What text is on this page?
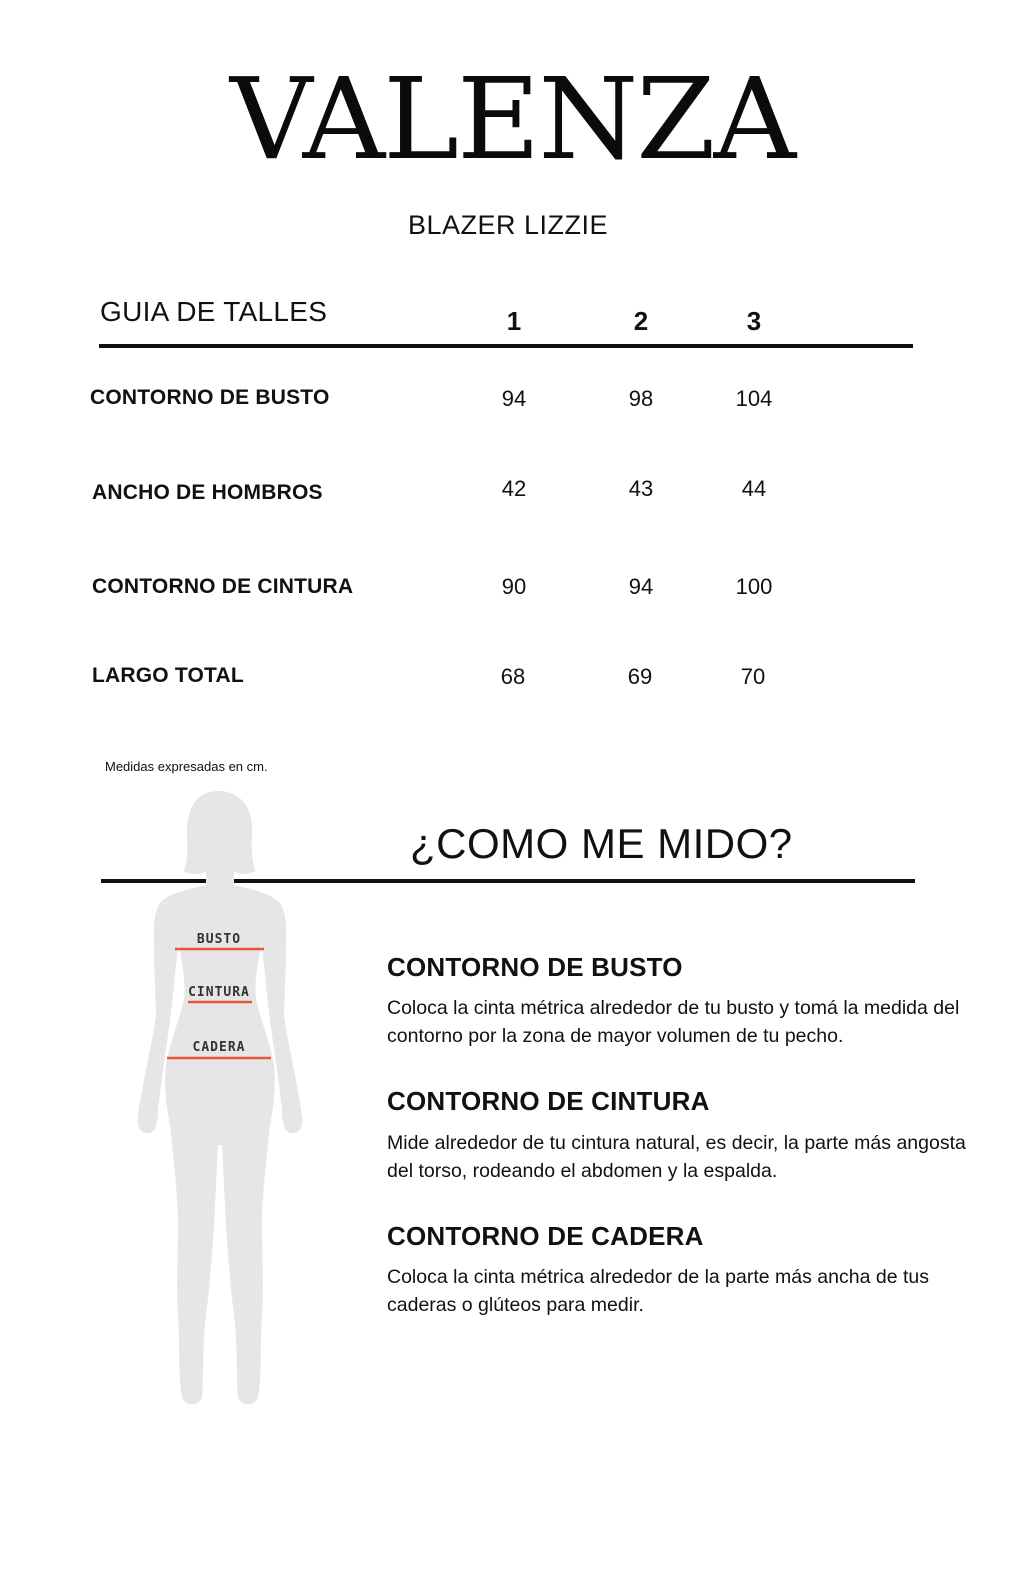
VALENZA
BLAZER LIZZIE
GUIA DE TALLES	1	2	3
CONTORNO DE BUSTO	94	98	104
ANCHO DE HOMBROS	42	43	44
CONTORNO DE CINTURA	90	94	100
LARGO TOTAL	68	69	70
Medidas expresadas en cm.
¿COMO ME MIDO?
BUSTO
CINTURA
CADERA
CONTORNO DE BUSTO
Coloca la cinta métrica alrededor de tu busto y tomá la medida del contorno por la zona de mayor volumen de tu pecho.
CONTORNO DE CINTURA
Mide alrededor de tu cintura natural, es decir, la parte más angosta del torso, rodeando el abdomen y la espalda.
CONTORNO DE CADERA
Coloca la cinta métrica alrededor de la parte más ancha de tus caderas o glúteos para medir.
